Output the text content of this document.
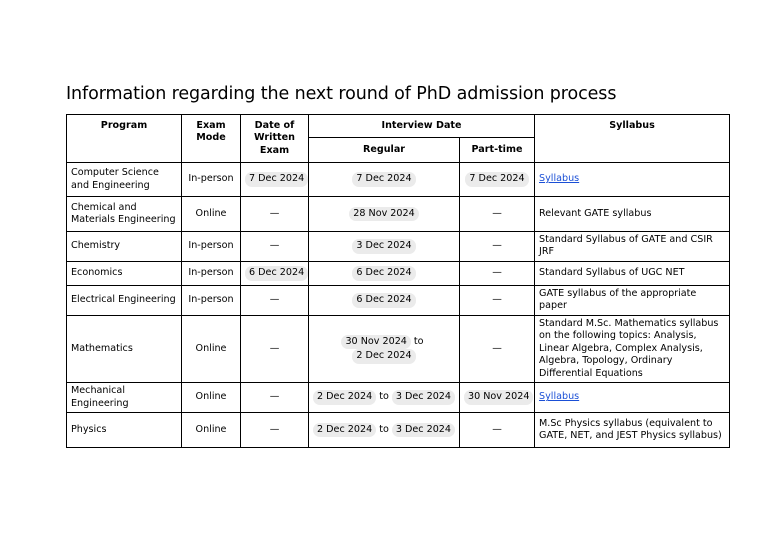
Information regarding the next round of PhD admission process
Program	Exam Mode	Date of Written Exam	Interview Date		Syllabus
			Regular	Part-time	
Computer Science and Engineering	In-person	7 Dec 2024	7 Dec 2024	7 Dec 2024	Syllabus
Chemical and Materials Engineering	Online	—	28 Nov 2024	—	Relevant GATE syllabus
Chemistry	In-person	—	3 Dec 2024	—	Standard Syllabus of GATE and CSIR JRF
Economics	In-person	6 Dec 2024	6 Dec 2024	—	Standard Syllabus of UGC NET
Electrical Engineering	In-person	—	6 Dec 2024	—	GATE syllabus of the appropriate paper
Mathematics	Online	—	30 Nov 2024 to2 Dec 2024	—	Standard M.Sc. Mathematics syllabus on the following topics: Analysis, Linear Algebra, Complex Analysis, Algebra, Topology, Ordinary Differential Equations
Mechanical Engineering	Online	—	2 Dec 2024 to 3 Dec 2024	30 Nov 2024	Syllabus
Physics	Online	—	2 Dec 2024 to 3 Dec 2024	—	M.Sc Physics syllabus (equivalent to GATE, NET, and JEST Physics syllabus)
